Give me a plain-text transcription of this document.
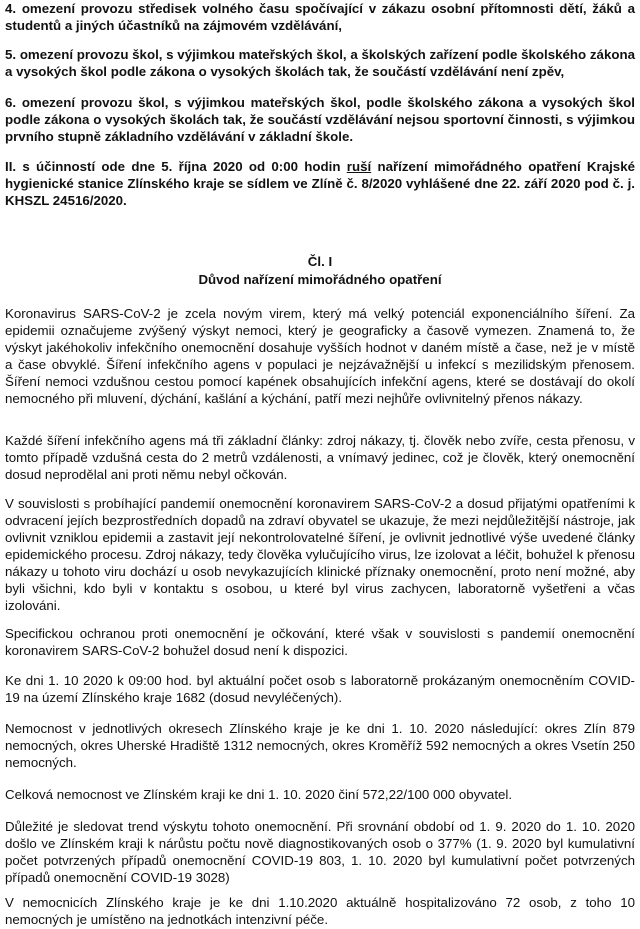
4. omezení provozu středisek volného času spočívající v zákazu osobní přítomnosti dětí, žáků a studentů a jiných účastníků na zájmovém vzdělávání,

5. omezení provozu škol, s výjimkou mateřských škol, a školských zařízení podle školského zákona a vysokých škol podle zákona o vysokých školách tak, že součástí vzdělávání není zpěv,

6. omezení provozu škol, s výjimkou mateřských škol, podle školského zákona a vysokých škol podle zákona o vysokých školách tak, že součástí vzdělávání nejsou sportovní činnosti, s výjimkou prvního stupně základního vzdělávání v základní škole.

II. s účinností ode dne 5. října 2020 od 0:00 hodin ruší nařízení mimořádného opatření Krajské hygienické stanice Zlínského kraje se sídlem ve Zlíně č. 8/2020 vyhlášené dne 22. září 2020 pod č. j. KHSZL 24516/2020.

Čl. I

Důvod nařízení mimořádného opatření

Koronavirus SARS-CoV-2 je zcela novým virem, který má velký potenciál exponenciálního šíření. Za epidemii označujeme zvýšený výskyt nemoci, který je geograficky a časově vymezen. Znamená to, že výskyt jakéhokoliv infekčního onemocnění dosahuje vyšších hodnot v daném místě a čase, než je v místě a čase obvyklé. Šíření infekčního agens v populaci je nejzávažnější u infekcí s mezilidským přenosem. Šíření nemoci vzdušnou cestou pomocí kapének obsahujících infekční agens, které se dostávají do okolí nemocného při mluvení, dýchání, kašlání a kýchání, patří mezi nejhůře ovlivnitelný přenos nákazy.

Každé šíření infekčního agens má tři základní články: zdroj nákazy, tj. člověk nebo zvíře, cesta přenosu, v tomto případě vzdušná cesta do 2 metrů vzdálenosti, a vnímavý jedinec, což je člověk, který onemocnění dosud neprodělal ani proti němu nebyl očkován.

V souvislosti s probíhající pandemií onemocnění koronavirem SARS-CoV-2 a dosud přijatými opatřeními k odvracení jejích bezprostředních dopadů na zdraví obyvatel se ukazuje, že mezi nejdůležitější nástroje, jak ovlivnit vzniklou epidemii a zastavit její nekontrolovatelné šíření, je ovlivnit jednotlivé výše uvedené články epidemického procesu. Zdroj nákazy, tedy člověka vylučujícího virus, lze izolovat a léčit, bohužel k přenosu nákazy u tohoto viru dochází u osob nevykazujících klinické příznaky onemocnění, proto není možné, aby byli všichni, kdo byli v kontaktu s osobou, u které byl virus zachycen, laboratorně vyšetřeni a včas izolováni.

Specifickou ochranou proti onemocnění je očkování, které však v souvislosti s pandemií onemocnění koronavirem SARS-CoV-2 bohužel dosud není k dispozici.

Ke dni 1. 10 2020 k 09:00 hod. byl aktuální počet osob s laboratorně prokázaným onemocněním COVID-19 na území Zlínského kraje 1682 (dosud nevyléčených).

Nemocnost v jednotlivých okresech Zlínského kraje je ke dni 1. 10. 2020 následující: okres Zlín 879 nemocných, okres Uherské Hradiště 1312 nemocných, okres Kroměříž 592 nemocných a okres Vsetín 250 nemocných.

Celková nemocnost ve Zlínském kraji ke dni 1. 10. 2020 činí 572,22/100 000 obyvatel.

Důležité je sledovat trend výskytu tohoto onemocnění. Při srovnání období od 1. 9. 2020 do 1. 10. 2020 došlo ve Zlínském kraji k nárůstu počtu nově diagnostikovaných osob o 377% (1. 9. 2020 byl kumulativní počet potvrzených případů onemocnění COVID-19 803, 1. 10. 2020 byl kumulativní počet potvrzených případů onemocnění COVID-19 3028)

V nemocnicích Zlínského kraje je ke dni 1.10.2020 aktuálně hospitalizováno 72 osob, z toho 10 nemocných je umístěno na jednotkách intenzivní péče.
